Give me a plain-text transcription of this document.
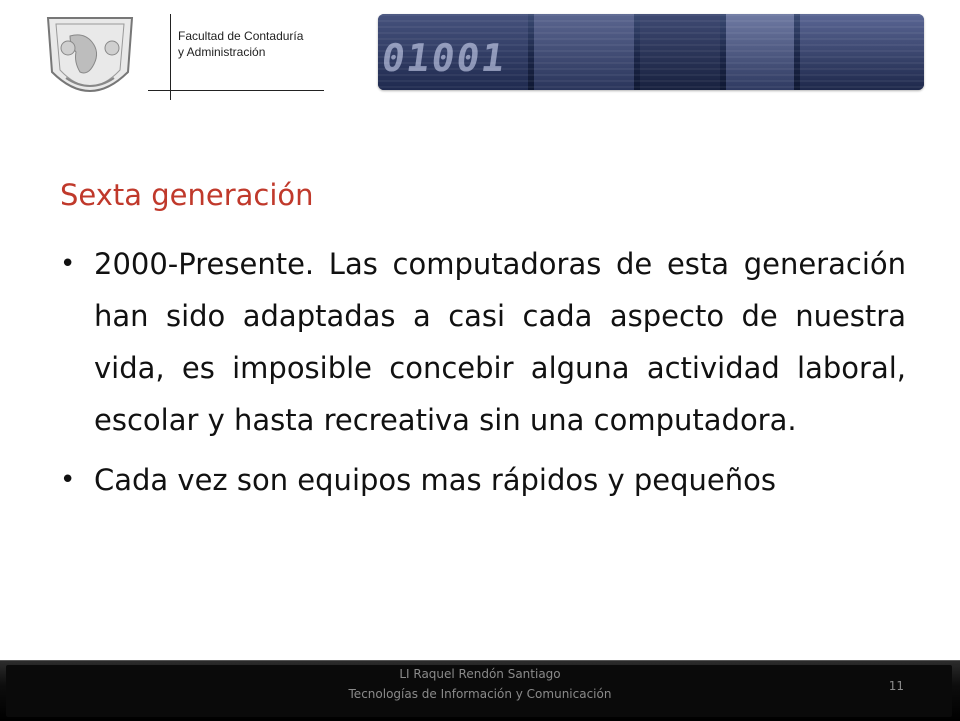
Facultad de Contaduría
y Administración
Sexta generación
• 2000-Presente. Las computadoras de esta generación han sido adaptadas a casi cada aspecto de nuestra vida, es imposible concebir alguna actividad laboral, escolar y hasta recreativa sin una computadora.
• Cada vez son equipos mas rápidos y pequeños
LI Raquel Rendón Santiago
Tecnologías de Información y Comunicación
11
